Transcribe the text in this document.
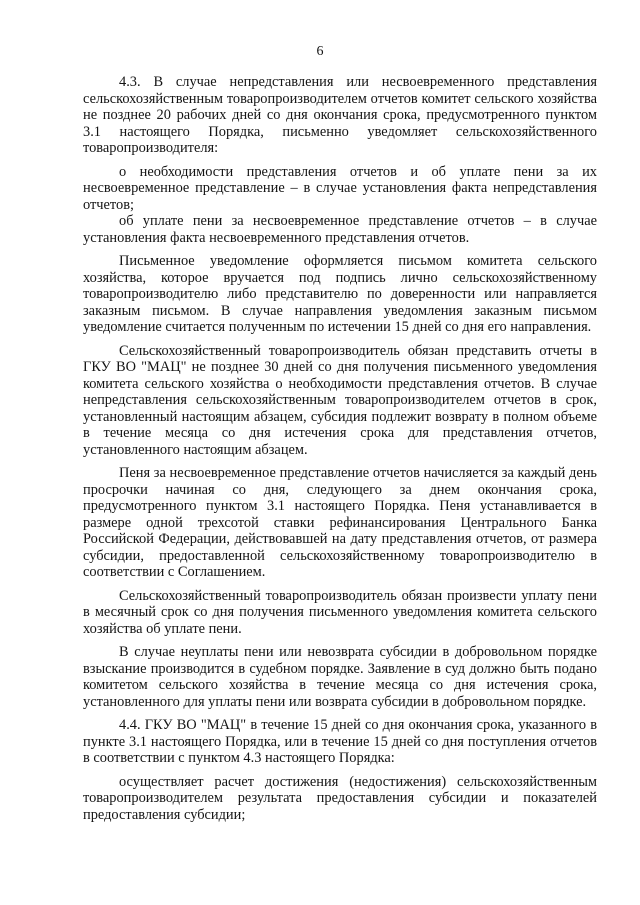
6

4.3. В случае непредставления или несвоевременного представления сельскохозяйственным товаропроизводителем отчетов комитет сельского хозяйства не позднее 20 рабочих дней со дня окончания срока, предусмотренного пунктом 3.1 настоящего Порядка, письменно уведомляет сельскохозяйственного товаропроизводителя:

о необходимости представления отчетов и об уплате пени за их несвоевременное представление – в случае установления факта непредставления отчетов;

об уплате пени за несвоевременное представление отчетов – в случае установления факта несвоевременного представления отчетов.

Письменное уведомление оформляется письмом комитета сельского хозяйства, которое вручается под подпись лично сельскохозяйственному товаропроизводителю либо представителю по доверенности или направляется заказным письмом. В случае направления уведомления заказным письмом уведомление считается полученным по истечении 15 дней со дня его направления.

Сельскохозяйственный товаропроизводитель обязан представить отчеты в ГКУ ВО "МАЦ" не позднее 30 дней со дня получения письменного уведомления комитета сельского хозяйства о необходимости представления отчетов. В случае непредставления сельскохозяйственным товаропроизводителем отчетов в срок, установленный настоящим абзацем, субсидия подлежит возврату в полном объеме в течение месяца со дня истечения срока для представления отчетов, установленного настоящим абзацем.

Пеня за несвоевременное представление отчетов начисляется за каждый день просрочки начиная со дня, следующего за днем окончания срока, предусмотренного пунктом 3.1 настоящего Порядка. Пеня устанавливается в размере одной трехсотой ставки рефинансирования Центрального Банка Российской Федерации, действовавшей на дату представления отчетов, от размера субсидии, предоставленной сельскохозяйственному товаропроизводителю в соответствии с Соглашением.

Сельскохозяйственный товаропроизводитель обязан произвести уплату пени в месячный срок со дня получения письменного уведомления комитета сельского хозяйства об уплате пени.

В случае неуплаты пени или невозврата субсидии в добровольном порядке взыскание производится в судебном порядке. Заявление в суд должно быть подано комитетом сельского хозяйства в течение месяца со дня истечения срока, установленного для уплаты пени или возврата субсидии в добровольном порядке.

4.4. ГКУ ВО "МАЦ" в течение 15 дней со дня окончания срока, указанного в пункте 3.1 настоящего Порядка, или в течение 15 дней со дня поступления отчетов в соответствии с пунктом 4.3 настоящего Порядка:

осуществляет расчет достижения (недостижения) сельскохозяйственным товаропроизводителем результата предоставления субсидии и показателей предоставления субсидии;
